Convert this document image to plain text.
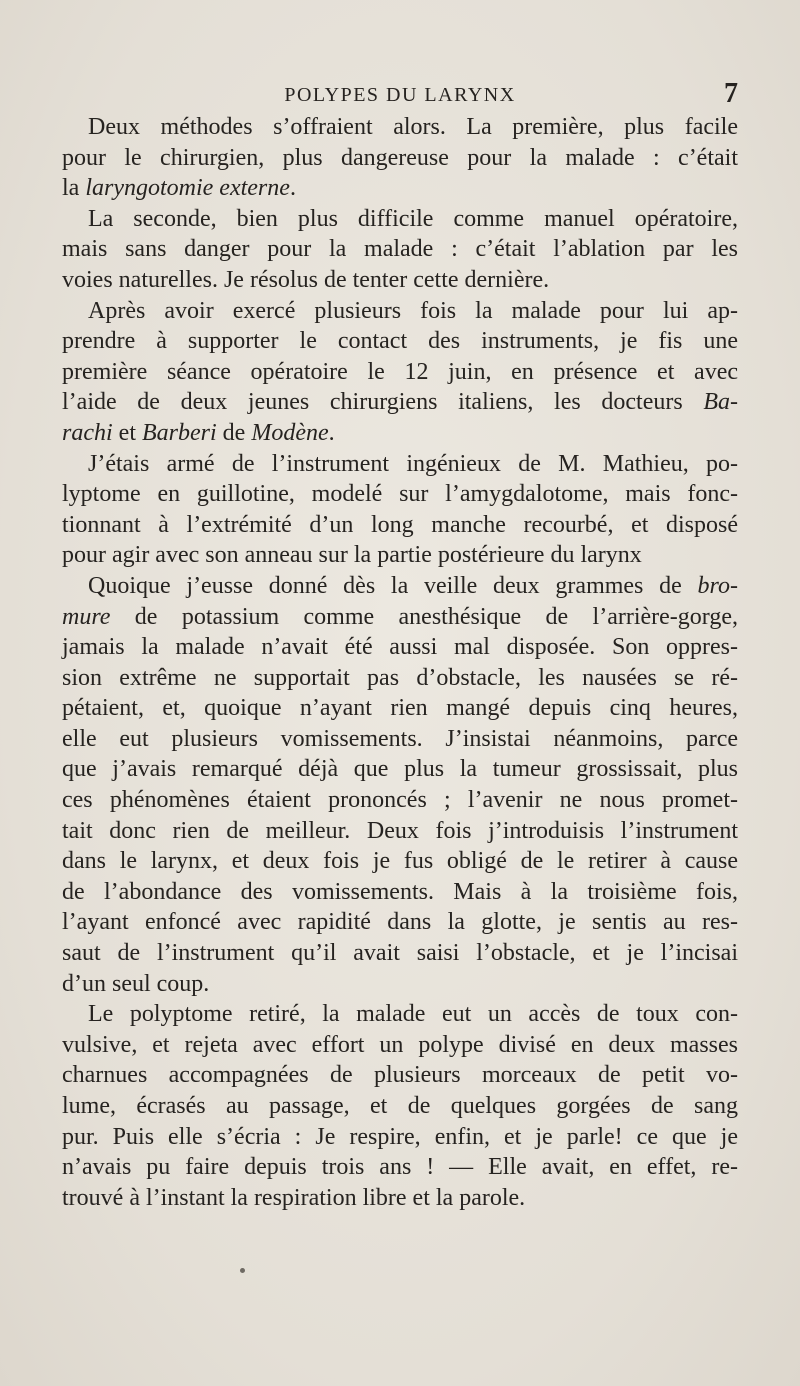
POLYPES DU LARYNX	7
Deux méthodes s’offraient alors. La première, plus facile
pour le chirurgien, plus dangereuse pour la malade : c’était
la laryngotomie externe.
La seconde, bien plus difficile comme manuel opératoire,
mais sans danger pour la malade : c’était l’ablation par les
voies naturelles. Je résolus de tenter cette dernière.
Après avoir exercé plusieurs fois la malade pour lui ap-
prendre à supporter le contact des instruments, je fis une
première séance opératoire le 12 juin, en présence et avec
l’aide de deux jeunes chirurgiens italiens, les docteurs Ba-
rachi et Barberi de Modène.
J’étais armé de l’instrument ingénieux de M. Mathieu, po-
lyptome en guillotine, modelé sur l’amygdalotome, mais fonc-
tionnant à l’extrémité d’un long manche recourbé, et disposé
pour agir avec son anneau sur la partie postérieure du larynx
Quoique j’eusse donné dès la veille deux grammes de bro-
mure de potassium comme anesthésique de l’arrière-gorge,
jamais la malade n’avait été aussi mal disposée. Son oppres-
sion extrême ne supportait pas d’obstacle, les nausées se ré-
pétaient, et, quoique n’ayant rien mangé depuis cinq heures,
elle eut plusieurs vomissements. J’insistai néanmoins, parce
que j’avais remarqué déjà que plus la tumeur grossissait, plus
ces phénomènes étaient prononcés ; l’avenir ne nous promet-
tait donc rien de meilleur. Deux fois j’introduisis l’instrument
dans le larynx, et deux fois je fus obligé de le retirer à cause
de l’abondance des vomissements. Mais à la troisième fois,
l’ayant enfoncé avec rapidité dans la glotte, je sentis au res-
saut de l’instrument qu’il avait saisi l’obstacle, et je l’incisai
d’un seul coup.
Le polyptome retiré, la malade eut un accès de toux con-
vulsive, et rejeta avec effort un polype divisé en deux masses
charnues accompagnées de plusieurs morceaux de petit vo-
lume, écrasés au passage, et de quelques gorgées de sang
pur. Puis elle s’écria : Je respire, enfin, et je parle! ce que je
n’avais pu faire depuis trois ans ! — Elle avait, en effet, re-
trouvé à l’instant la respiration libre et la parole.
